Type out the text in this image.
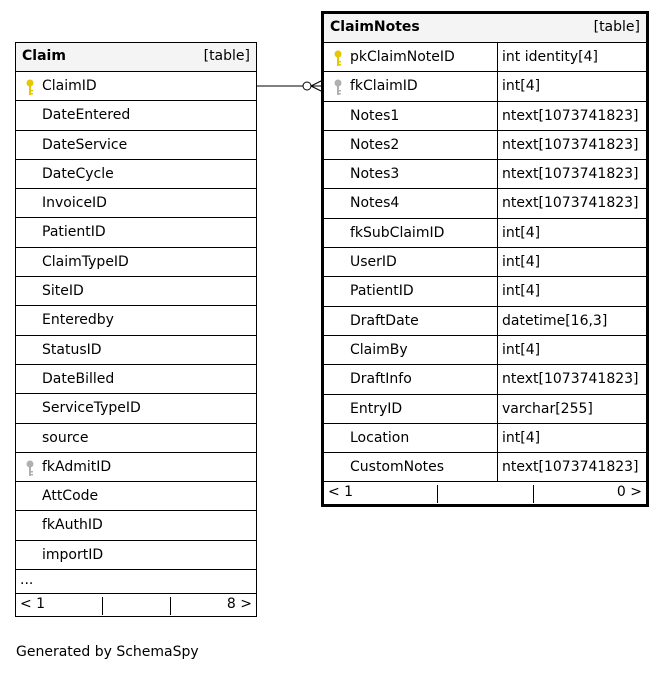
Claim	[table]
ClaimID
DateEntered
DateService
DateCycle
InvoiceID
PatientID
ClaimTypeID
SiteID
Enteredby
StatusID
DateBilled
ServiceTypeID
source
fkAdmitID
AttCode
fkAuthID
importID
...
< 1	8 >
ClaimNotes	[table]
pkClaimNoteID	int identity[4]
fkClaimID	int[4]
Notes1	ntext[1073741823]
Notes2	ntext[1073741823]
Notes3	ntext[1073741823]
Notes4	ntext[1073741823]
fkSubClaimID	int[4]
UserID	int[4]
PatientID	int[4]
DraftDate	datetime[16,3]
ClaimBy	int[4]
DraftInfo	ntext[1073741823]
EntryID	varchar[255]
Location	int[4]
CustomNotes	ntext[1073741823]
< 1	0 >
Generated by SchemaSpy
